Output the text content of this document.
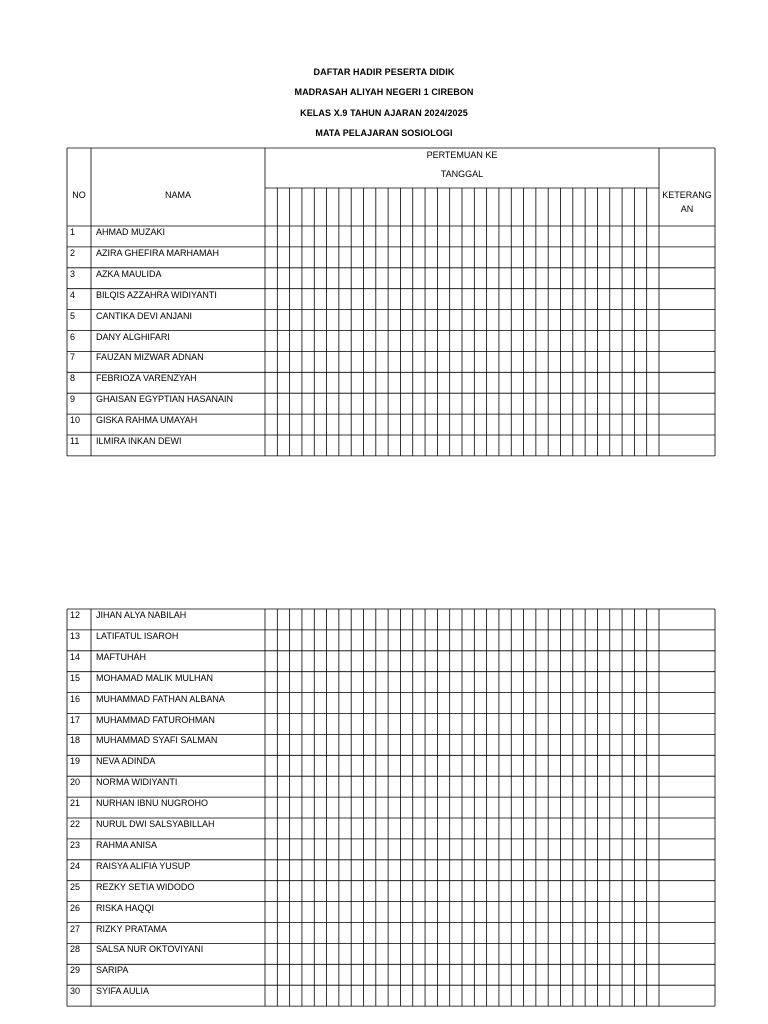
DAFTAR HADIR PESERTA DIDIK
MADRASAH ALIYAH NEGERI 1 CIREBON
KELAS X.9 TAHUN AJARAN 2024/2025
MATA PELAJARAN SOSIOLOGI
NO	NAMA
PERTEMUAN KE
TANGGAL
KETERANG
AN
1 AHMAD MUZAKI
2 AZIRA GHEFIRA MARHAMAH
3 AZKA MAULIDA
4 BILQIS AZZAHRA WIDIYANTI
5 CANTIKA DEVI ANJANI
6 DANY ALGHIFARI
7 FAUZAN MIZWAR ADNAN
8 FEBRIOZA VARENZYAH
9 GHAISAN EGYPTIAN HASANAIN
10 GISKA RAHMA UMAYAH
11 ILMIRA INKAN DEWI
12 JIHAN ALYA NABILAH
13 LATIFATUL ISAROH
14 MAFTUHAH
15 MOHAMAD MALIK MULHAN
16 MUHAMMAD FATHAN ALBANA
17 MUHAMMAD FATUROHMAN
18 MUHAMMAD SYAFI SALMAN
19 NEVA ADINDA
20 NORMA WIDIYANTI
21 NURHAN IBNU NUGROHO
22 NURUL DWI SALSYABILLAH
23 RAHMA ANISA
24 RAISYA ALIFIA YUSUP
25 REZKY SETIA WIDODO
26 RISKA HAQQI
27 RIZKY PRATAMA
28 SALSA NUR OKTOVIYANI
29 SARIPA
30 SYIFA AULIA
